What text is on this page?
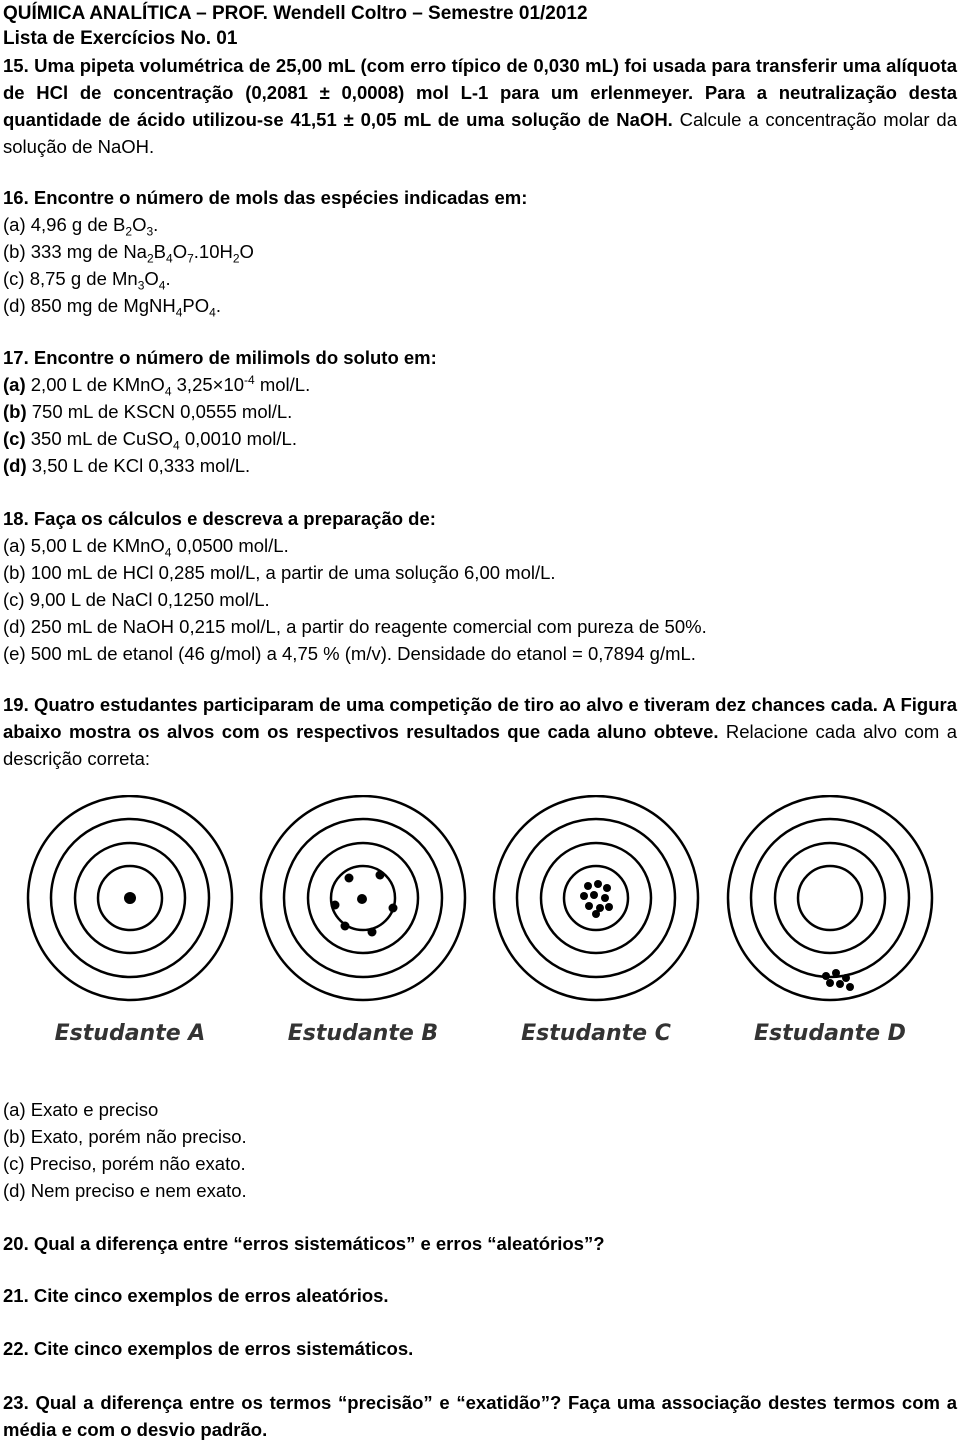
QUÍMICA ANALÍTICA – PROF. Wendell Coltro – Semestre 01/2012
Lista de Exercícios No. 01
15. Uma pipeta volumétrica de 25,00 mL (com erro típico de 0,030 mL) foi usada para transferir uma alíquota de HCl de concentração (0,2081 ± 0,0008) mol L-1 para um erlenmeyer. Para a neutralização desta quantidade de ácido utilizou-se 41,51 ± 0,05 mL de uma solução de NaOH. Calcule a concentração molar da solução de NaOH.
16. Encontre o número de mols das espécies indicadas em:
(a) 4,96 g de $B_2O_3$.
(b) 333 mg de $Na_2B_4O_7.10H_2O$
(c) 8,75 g de $Mn_3O_4$.
(d) 850 mg de $MgNH_4PO_4$.
17. Encontre o número de milimols do soluto em:
(a) 2,00 L de KMnO$_4$ $3,25\times 10^{-4}$ mol/L.
(b) 750 mL de KSCN 0,0555 mol/L.
(c) 350 mL de CuSO$_4$ 0,0010 mol/L.
(d) 3,50 L de KCl 0,333 mol/L.
18. Faça os cálculos e descreva a preparação de:
(a) 5,00 L de KMnO$_4$ 0,0500 mol/L.
(b) 100 mL de HCl 0,285 mol/L, a partir de uma solução 6,00 mol/L.
(c) 9,00 L de NaCl 0,1250 mol/L.
(d) 250 mL de NaOH 0,215 mol/L, a partir do reagente comercial com pureza de 50%.
(e) 500 mL de etanol (46 g/mol) a 4,75 % (m/v). Densidade do etanol = 0,7894 g/mL.
19. Quatro estudantes participaram de uma competição de tiro ao alvo e tiveram dez chances cada. A Figura abaixo mostra os alvos com os respectivos resultados que cada aluno obteve. Relacione cada alvo com a descrição correta:
Estudante A	Estudante B	Estudante C	Estudante D
(a) Exato e preciso
(b) Exato, porém não preciso.
(c) Preciso, porém não exato.
(d) Nem preciso e nem exato.
20. Qual a diferença entre “erros sistemáticos” e erros “aleatórios”?
21. Cite cinco exemplos de erros aleatórios.
22. Cite cinco exemplos de erros sistemáticos.
23. Qual a diferença entre os termos “precisão” e “exatidão”? Faça uma associação destes termos com a média e com o desvio padrão.
